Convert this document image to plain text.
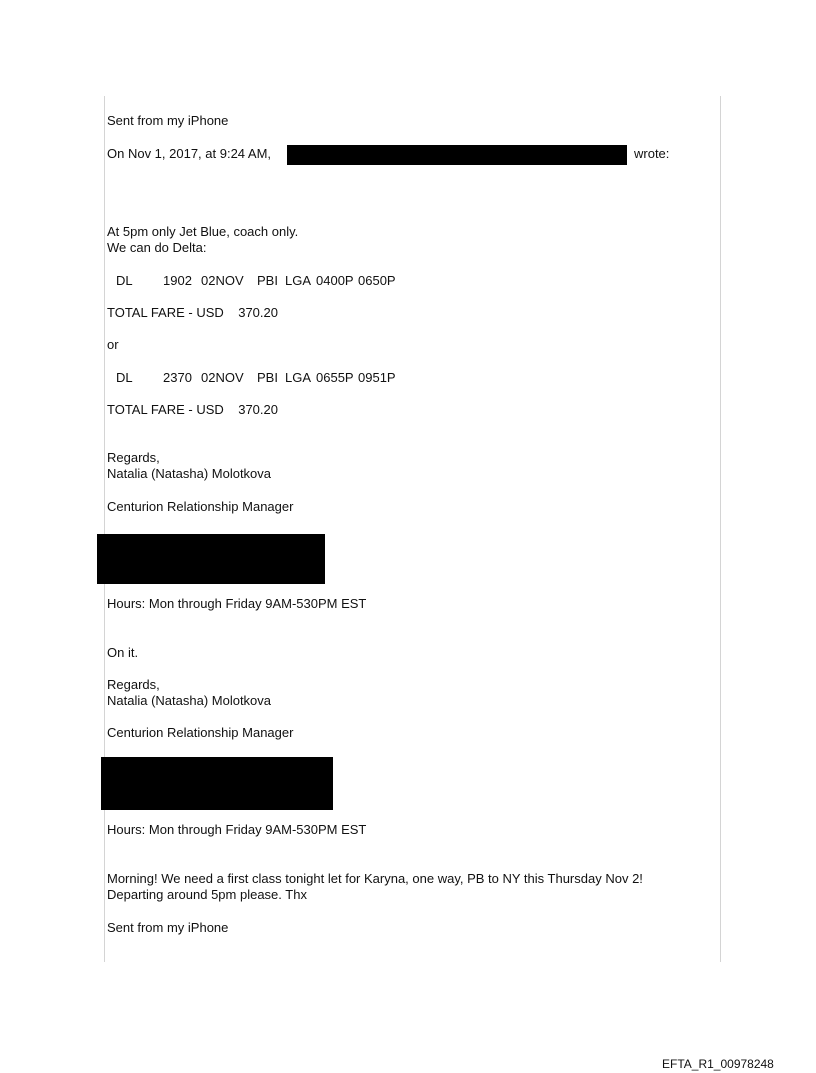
Sent from my iPhone
On Nov 1, 2017, at 9:24 AM,	wrote:
At 5pm only Jet Blue, coach only.
We can do Delta:
DL 1902 02NOV PBI LGA 0400P 0650P
TOTAL FARE - USD    370.20
or
DL 2370 02NOV PBI LGA 0655P 0951P
TOTAL FARE - USD    370.20
Regards,
Natalia (Natasha) Molotkova
Centurion Relationship Manager
Hours: Mon through Friday 9AM-530PM EST
On it.
Regards,
Natalia (Natasha) Molotkova
Centurion Relationship Manager
Hours: Mon through Friday 9AM-530PM EST
Morning! We need a first class tonight let for Karyna, one way, PB to NY this Thursday Nov 2!
Departing around 5pm please. Thx
Sent from my iPhone
EFTA_R1_00978248
